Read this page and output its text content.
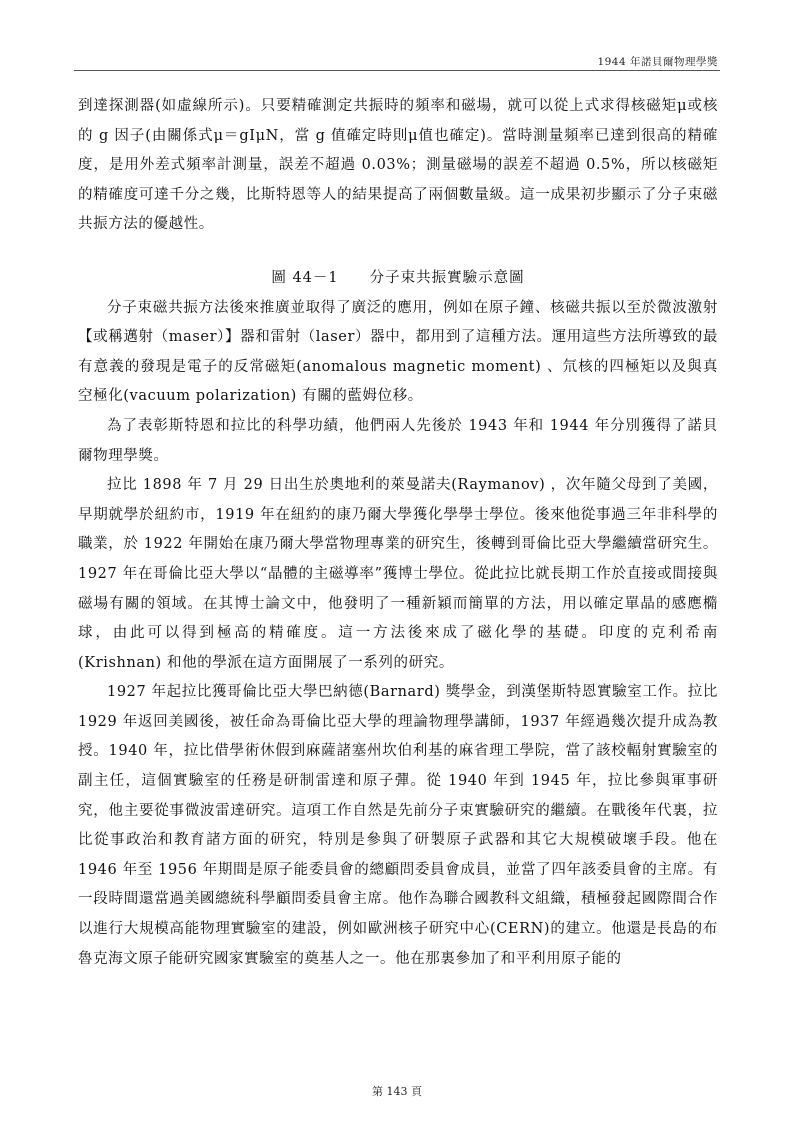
1944 年諾貝爾物理學獎

到達探測器(如虛線所示)。只要精確測定共振時的頻率和磁場，就可以從上式求得核磁矩μ或核的 g 因子(由關係式μ＝gIμN，當 g 值確定時則μ值也確定)。當時測量頻率已達到很高的精確度，是用外差式頻率計測量，誤差不超過 0.03%；測量磁場的誤差不超過 0.5%，所以核磁矩的精確度可達千分之幾，比斯特恩等人的結果提高了兩個數量級。這一成果初步顯示了分子束磁共振方法的優越性。

圖 44－1　　分子束共振實驗示意圖

分子束磁共振方法後來推廣並取得了廣泛的應用，例如在原子鐘、核磁共振以至於微波激射【或稱邁射（maser）】器和雷射（laser）器中，都用到了這種方法。運用這些方法所導致的最有意義的發現是電子的反常磁矩(anomalous magnetic moment) 、氘核的四極矩以及與真空極化(vacuum polarization) 有關的藍姆位移。

為了表彰斯特恩和拉比的科學功績，他們兩人先後於 1943 年和 1944 年分別獲得了諾貝爾物理學獎。

拉比 1898 年 7 月 29 日出生於奧地利的萊曼諾夫(Raymanov) ，次年隨父母到了美國，早期就學於紐約市，1919 年在紐約的康乃爾大學獲化學學士學位。後來他從事過三年非科學的職業，於 1922 年開始在康乃爾大學當物理專業的研究生，後轉到哥倫比亞大學繼續當研究生。1927 年在哥倫比亞大學以“晶體的主磁導率”獲博士學位。從此拉比就長期工作於直接或間接與磁場有關的領域。在其博士論文中，他發明了一種新穎而簡單的方法，用以確定單晶的感應橢球，由此可以得到極高的精確度。這一方法後來成了磁化學的基礎。印度的克利希南(Krishnan) 和他的學派在這方面開展了一系列的研究。

1927 年起拉比獲哥倫比亞大學巴納德(Barnard) 獎學金，到漢堡斯特恩實驗室工作。拉比 1929 年返回美國後，被任命為哥倫比亞大學的理論物理學講師，1937 年經過幾次提升成為教授。1940 年，拉比借學術休假到麻薩諸塞州坎伯利基的麻省理工學院，當了該校輻射實驗室的副主任，這個實驗室的任務是研制雷達和原子彈。從 1940 年到 1945 年，拉比參與軍事研究，他主要從事微波雷達研究。這項工作自然是先前分子束實驗研究的繼續。在戰後年代裏，拉比從事政治和教育諸方面的研究，特別是參與了研製原子武器和其它大規模破壞手段。他在 1946 年至 1956 年期間是原子能委員會的總顧問委員會成員，並當了四年該委員會的主席。有一段時間還當過美國總統科學顧問委員會主席。他作為聯合國教科文組織，積極發起國際間合作以進行大規模高能物理實驗室的建設，例如歐洲核子研究中心(CERN)的建立。他還是長島的布魯克海文原子能研究國家實驗室的奠基人之一。他在那裏參加了和平利用原子能的

第 143 頁
